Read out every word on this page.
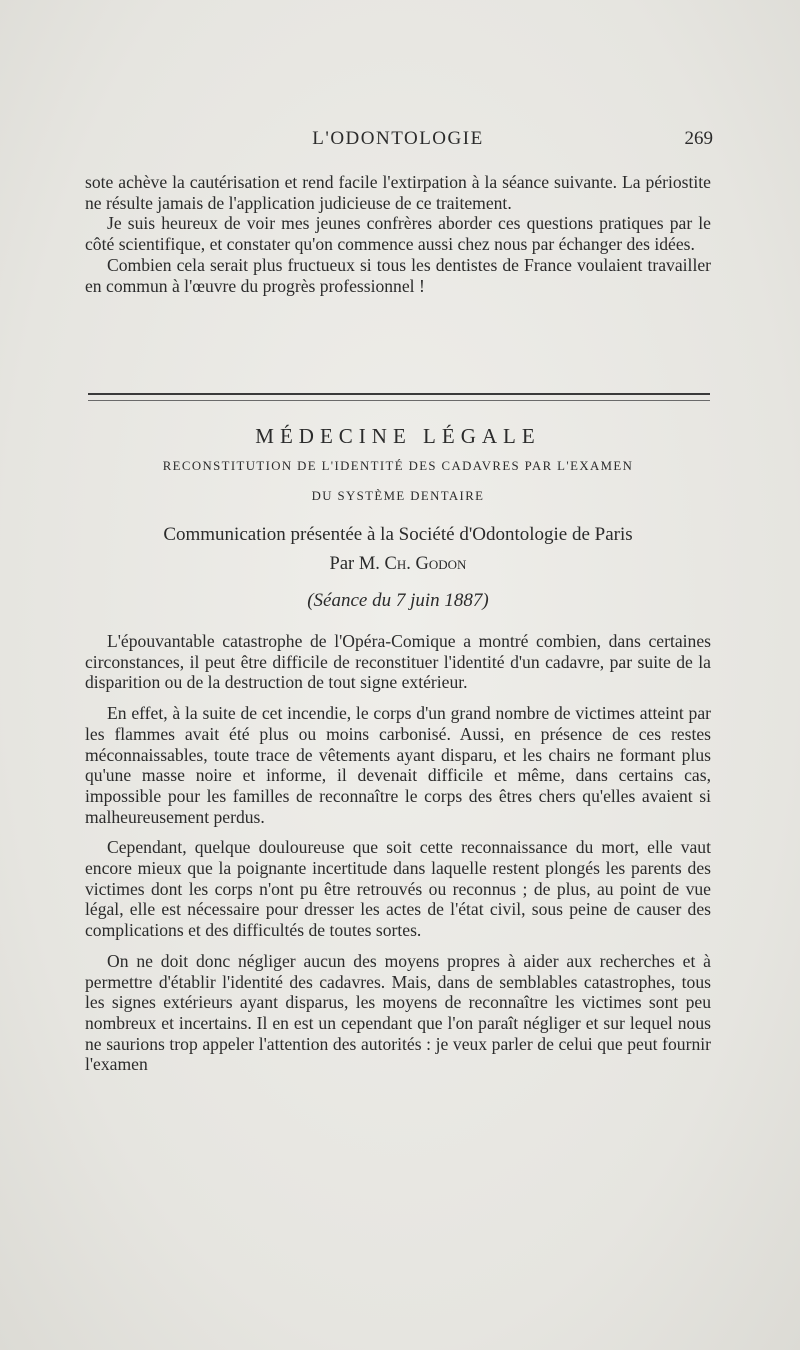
L'ODONTOLOGIE	269

sote achève la cautérisation et rend facile l'extirpation à la séance suivante. La périostite ne résulte jamais de l'application judicieuse de ce traitement.

Je suis heureux de voir mes jeunes confrères aborder ces questions pratiques par le côté scientifique, et constater qu'on commence aussi chez nous par échanger des idées.

Combien cela serait plus fructueux si tous les dentistes de France voulaient travailler en commun à l'œuvre du progrès professionnel !

MÉDECINE LÉGALE
RECONSTITUTION DE L'IDENTITÉ DES CADAVRES PAR L'EXAMEN
DU SYSTÈME DENTAIRE
Communication présentée à la Société d'Odontologie de Paris
Par M. Ch. Godon
(Séance du 7 juin 1887)

L'épouvantable catastrophe de l'Opéra-Comique a montré combien, dans certaines circonstances, il peut être difficile de reconstituer l'identité d'un cadavre, par suite de la disparition ou de la destruction de tout signe extérieur.

En effet, à la suite de cet incendie, le corps d'un grand nombre de victimes atteint par les flammes avait été plus ou moins carbonisé. Aussi, en présence de ces restes méconnaissables, toute trace de vêtements ayant disparu, et les chairs ne formant plus qu'une masse noire et informe, il devenait difficile et même, dans certains cas, impossible pour les familles de reconnaître le corps des êtres chers qu'elles avaient si malheureusement perdus.

Cependant, quelque douloureuse que soit cette reconnaissance du mort, elle vaut encore mieux que la poignante incertitude dans laquelle restent plongés les parents des victimes dont les corps n'ont pu être retrouvés ou reconnus ; de plus, au point de vue légal, elle est nécessaire pour dresser les actes de l'état civil, sous peine de causer des complications et des difficultés de toutes sortes.

On ne doit donc négliger aucun des moyens propres à aider aux recherches et à permettre d'établir l'identité des cadavres. Mais, dans de semblables catastrophes, tous les signes extérieurs ayant disparus, les moyens de reconnaître les victimes sont peu nombreux et incertains. Il en est un cependant que l'on paraît négliger et sur lequel nous ne saurions trop appeler l'attention des autorités : je veux parler de celui que peut fournir l'examen
